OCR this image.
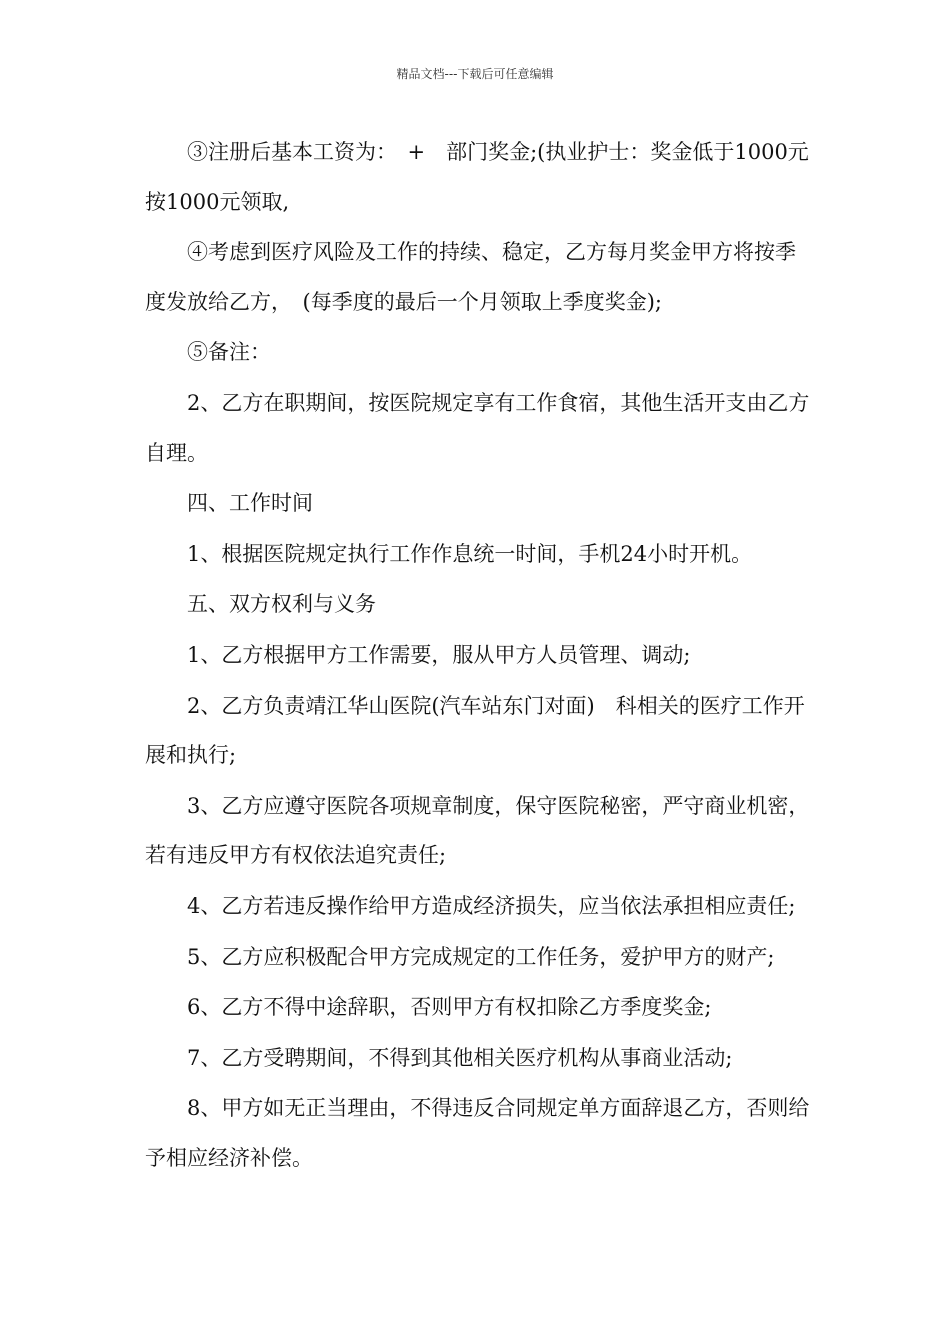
精品文档---下载后可任意编辑

③注册后基本工资为：　+　部门奖金;(执业护士：奖金低于1000元按1000元领取,

④考虑到医疗风险及工作的持续、稳定，乙方每月奖金甲方将按季度发放给乙方，　(每季度的最后一个月领取上季度奖金);

⑤备注：

2、乙方在职期间，按医院规定享有工作食宿，其他生活开支由乙方自理。

四、工作时间

1、根据医院规定执行工作作息统一时间，手机24小时开机。

五、双方权利与义务

1、乙方根据甲方工作需要，服从甲方人员管理、调动;

2、乙方负责靖江华山医院(汽车站东门对面)　科相关的医疗工作开展和执行;

3、乙方应遵守医院各项规章制度，保守医院秘密，严守商业机密，若有违反甲方有权依法追究责任;

4、乙方若违反操作给甲方造成经济损失，应当依法承担相应责任;

5、乙方应积极配合甲方完成规定的工作任务，爱护甲方的财产;

6、乙方不得中途辞职，否则甲方有权扣除乙方季度奖金;

7、乙方受聘期间，不得到其他相关医疗机构从事商业活动;

8、甲方如无正当理由，不得违反合同规定单方面辞退乙方，否则给予相应经济补偿。
